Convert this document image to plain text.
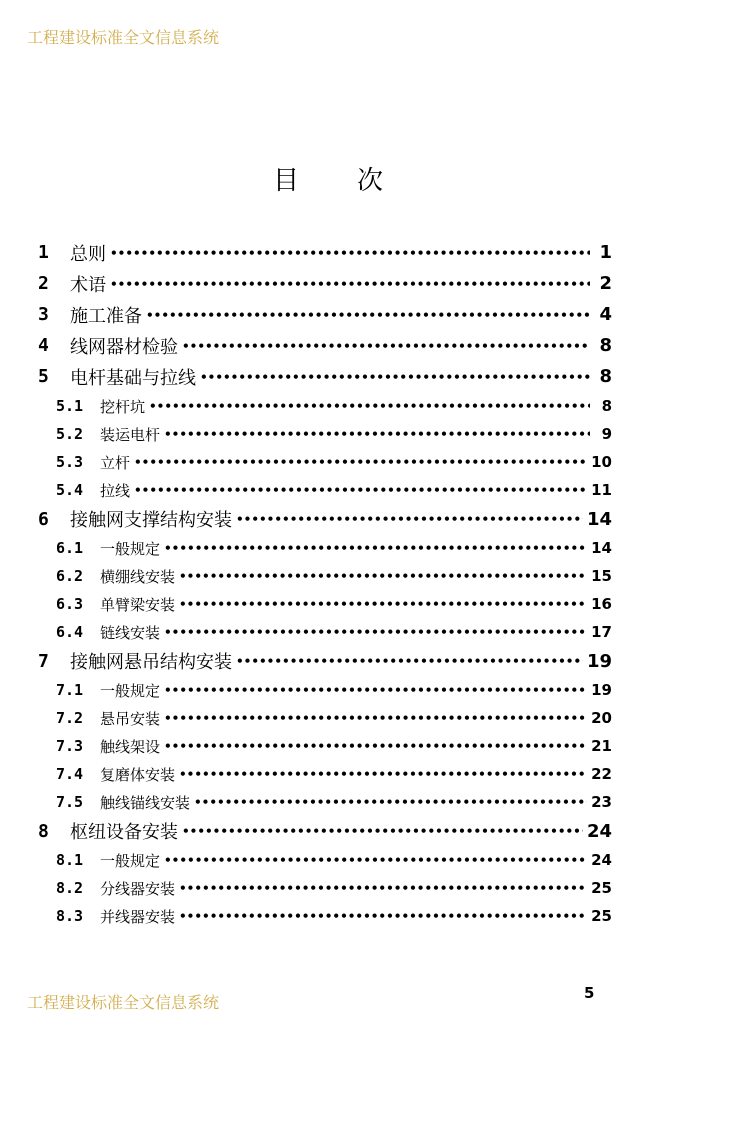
工程建设标准全文信息系统
目 次
1	总则 •••••	1
2	术语 •••••	2
3	施工准备 •••••	4
4	线网器材检验 •••••	8
5	电杆基础与拉线 •••••	8
5.1	挖杆坑 •••••	8
5.2	装运电杆 •••••	9
5.3	立杆 •••••	10
5.4	拉线 •••••	11
6	接触网支撑结构安装 •••••	14
6.1	一般规定 •••••	14
6.2	横绷线安装 •••••	15
6.3	单臂梁安装 •••••	16
6.4	链线安装 •••••	17
7	接触网悬吊结构安装 •••••	19
7.1	一般规定 •••••	19
7.2	悬吊安装 •••••	20
7.3	触线架设 •••••	21
7.4	复磨体安装 •••••	22
7.5	触线锚线安装 •••••	23
8	枢纽设备安装 •••••	24
8.1	一般规定 •••••	24
8.2	分线器安装 •••••	25
8.3	并线器安装 •••••	25
工程建设标准全文信息系统	5
